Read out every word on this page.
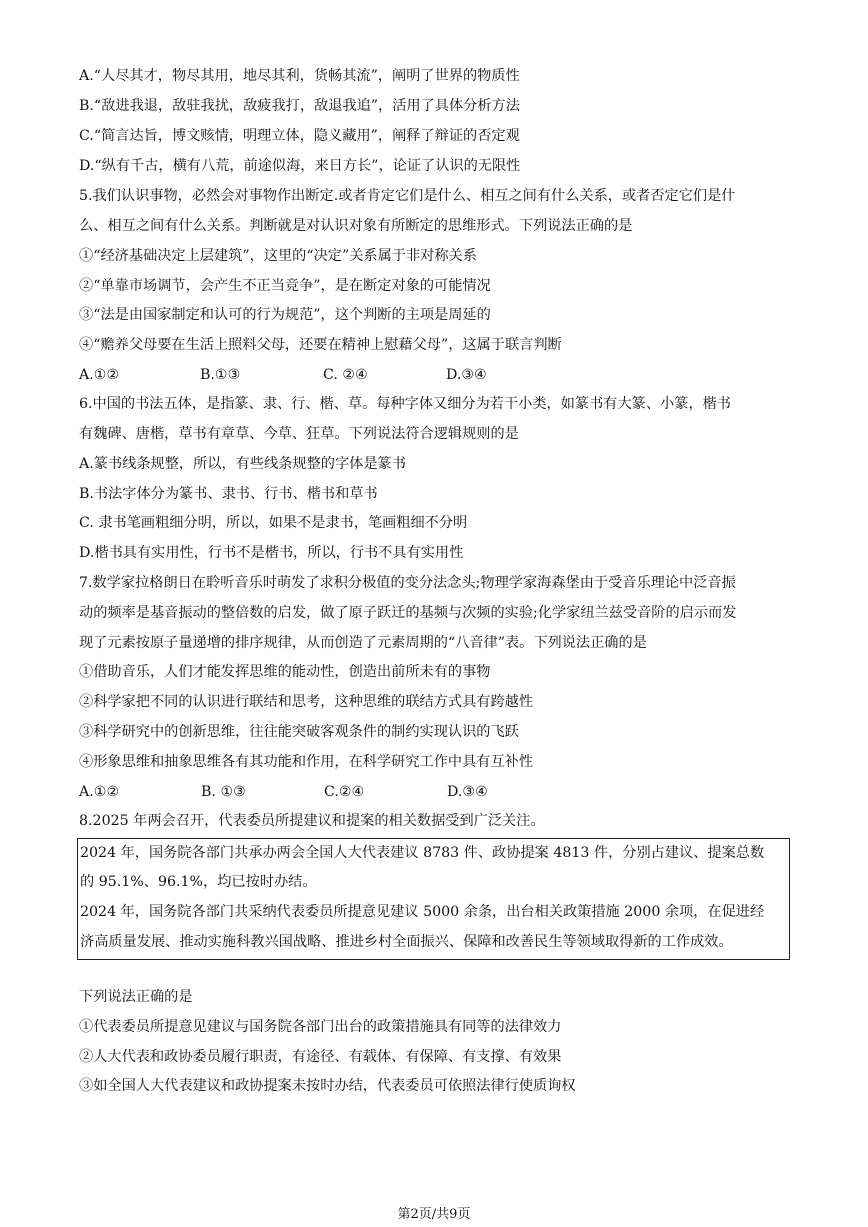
A.“人尽其才，物尽其用，地尽其利，货畅其流”，阐明了世界的物质性
B.“敌进我退，敌驻我扰，敌疲我打，敌退我追”，活用了具体分析方法
C.“简言达旨，博文赅情，明理立体，隐义藏用”，阐释了辩证的否定观
D.“纵有千古，横有八荒，前途似海，来日方长”，论证了认识的无限性
5.我们认识事物，必然会对事物作出断定.或者肯定它们是什么、相互之间有什么关系，或者否定它们是什
么、相互之间有什么关系。判断就是对认识对象有所断定的思维形式。下列说法正确的是
①“经济基础决定上层建筑”，这里的“决定”关系属于非对称关系
②“单靠市场调节，会产生不正当竞争”，是在断定对象的可能情况
③“法是由国家制定和认可的行为规范”，这个判断的主项是周延的
④“赡养父母要在生活上照料父母，还要在精神上慰藉父母”，这属于联言判断
A.①②	B.①③	C. ②④	D.③④
6.中国的书法五体，是指篆、隶、行、楷、草。每种字体又细分为若干小类，如篆书有大篆、小篆，楷书
有魏碑、唐楷，草书有章草、今草、狂草。下列说法符合逻辑规则的是
A.篆书线条规整，所以，有些线条规整的字体是篆书
B.书法字体分为篆书、隶书、行书、楷书和草书
C. 隶书笔画粗细分明，所以，如果不是隶书，笔画粗细不分明
D.楷书具有实用性，行书不是楷书，所以，行书不具有实用性
7.数学家拉格朗日在聆听音乐时萌发了求积分极值的变分法念头;物理学家海森堡由于受音乐理论中泛音振
动的频率是基音振动的整倍数的启发，做了原子跃迁的基频与次频的实验;化学家纽兰兹受音阶的启示而发
现了元素按原子量递增的排序规律，从而创造了元素周期的“八音律”表。下列说法正确的是
①借助音乐，人们才能发挥思维的能动性，创造出前所未有的事物
②科学家把不同的认识进行联结和思考，这种思维的联结方式具有跨越性
③科学研究中的创新思维，往往能突破客观条件的制约实现认识的飞跃
④形象思维和抽象思维各有其功能和作用，在科学研究工作中具有互补性
A.①②	B. ①③	C.②④	D.③④
8.2025 年两会召开，代表委员所提建议和提案的相关数据受到广泛关注。
2024 年，国务院各部门共承办两会全国人大代表建议 8783 件、政协提案 4813 件，分别占建议、提案总数
的 95.1%、96.1%，均已按时办结。
2024 年，国务院各部门共采纳代表委员所提意见建议 5000 余条，出台相关政策措施 2000 余项，在促进经
济高质量发展、推动实施科教兴国战略、推进乡村全面振兴、保障和改善民生等领域取得新的工作成效。
下列说法正确的是
①代表委员所提意见建议与国务院各部门出台的政策措施具有同等的法律效力
②人大代表和政协委员履行职责，有途径、有载体、有保障、有支撑、有效果
③如全国人大代表建议和政协提案未按时办结，代表委员可依照法律行使质询权
第2页/共9页
